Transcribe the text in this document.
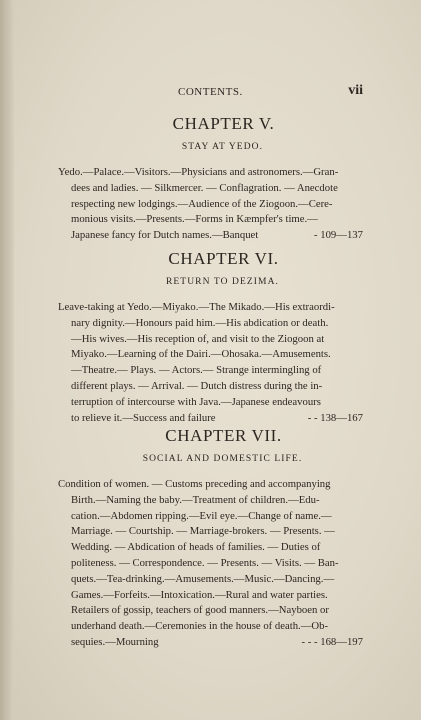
CONTENTS.	vii
CHAPTER V.
STAY AT YEDO.
Yedo.—Palace.—Visitors.—Physicians and astronomers.—Gran-
dees and ladies. — Silkmercer. — Conflagration. — Anecdote
respecting new lodgings.—Audience of the Ziogoon.—Cere-
monious visits.—Presents.—Forms in Kæmpfer's time.—
Japanese fancy for Dutch names.—Banquet	- 109—137
CHAPTER VI.
RETURN TO DEZIMA.
Leave-taking at Yedo.—Miyako.—The Mikado.—His extraordi-
nary dignity.—Honours paid him.—His abdication or death.
—His wives.—His reception of, and visit to the Ziogoon at
Miyako.—Learning of the Dairi.—Ohosaka.—Amusements.
—Theatre.— Plays. — Actors.— Strange intermingling of
different plays. — Arrival. — Dutch distress during the in-
terruption of intercourse with Java.—Japanese endeavours
to relieve it.—Success and failure	- - 138—167
CHAPTER VII.
SOCIAL AND DOMESTIC LIFE.
Condition of women. — Customs preceding and accompanying
Birth.—Naming the baby.—Treatment of children.—Edu-
cation.—Abdomen ripping.—Evil eye.—Change of name.—
Marriage. — Courtship. — Marriage-brokers. — Presents. —
Wedding. — Abdication of heads of families. — Duties of
politeness. — Correspondence. — Presents. — Visits. — Ban-
quets.—Tea-drinking.—Amusements.—Music.—Dancing.—
Games.—Forfeits.—Intoxication.—Rural and water parties.
Retailers of gossip, teachers of good manners.—Nayboen or
underhand death.—Ceremonies in the house of death.—Ob-
sequies.—Mourning	- - - 168—197
